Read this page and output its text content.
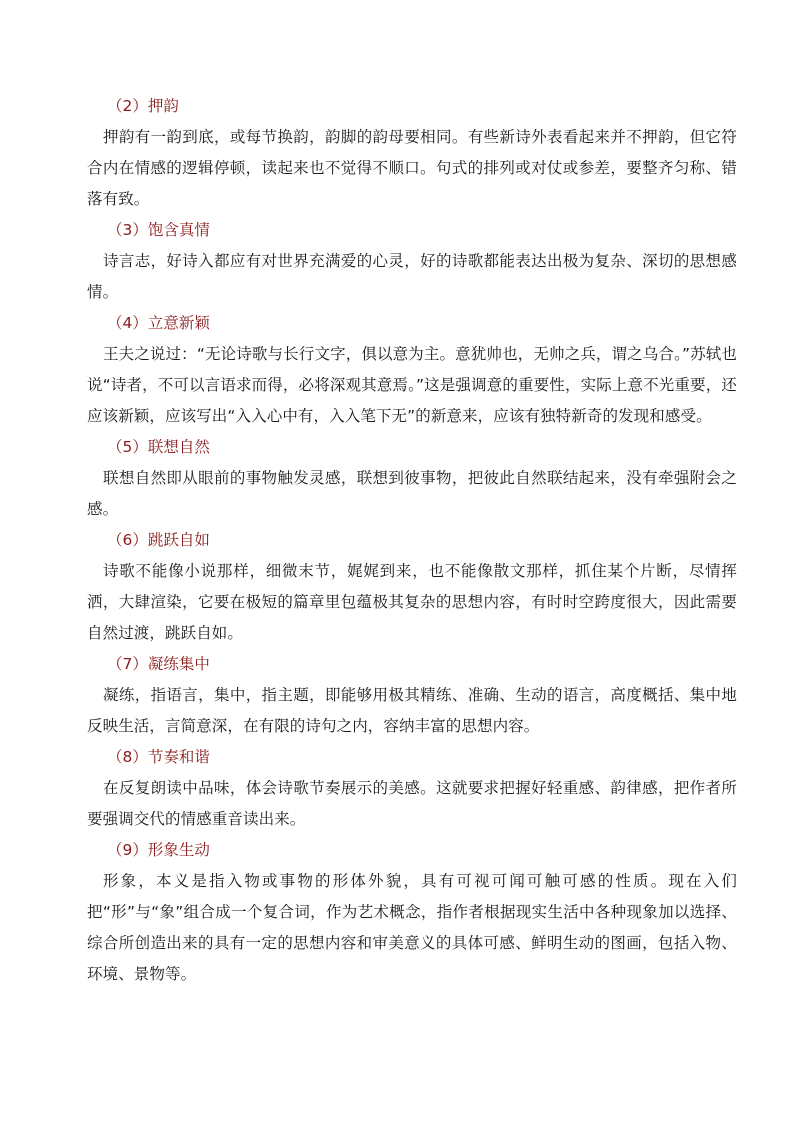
（2）押韵

押韵有一韵到底，或每节换韵，韵脚的韵母要相同。有些新诗外表看起来并不押韵，但它符合内在情感的逻辑停顿，读起来也不觉得不顺口。句式的排列或对仗或参差，要整齐匀称、错落有致。

（3）饱含真情

诗言志，好诗入都应有对世界充满爱的心灵，好的诗歌都能表达出极为复杂、深切的思想感情。

（4）立意新颖

王夫之说过：“无论诗歌与长行文字，俱以意为主。意犹帅也，无帅之兵，谓之乌合。”苏轼也说“诗者，不可以言语求而得，必将深观其意焉。”这是强调意的重要性，实际上意不光重要，还应该新颖，应该写出“入入心中有，入入笔下无”的新意来，应该有独特新奇的发现和感受。

（5）联想自然

联想自然即从眼前的事物触发灵感，联想到彼事物，把彼此自然联结起来，没有牵强附会之感。

（6）跳跃自如

诗歌不能像小说那样，细微末节，娓娓到来，也不能像散文那样，抓住某个片断，尽情挥洒，大肆渲染，它要在极短的篇章里包蕴极其复杂的思想内容，有时时空跨度很大，因此需要自然过渡，跳跃自如。

（7）凝练集中

凝练，指语言，集中，指主题，即能够用极其精练、准确、生动的语言，高度概括、集中地反映生活，言简意深，在有限的诗句之内，容纳丰富的思想内容。

（8）节奏和谐

在反复朗读中品味，体会诗歌节奏展示的美感。这就要求把握好轻重感、韵律感，把作者所要强调交代的情感重音读出来。

（9）形象生动

形象，本义是指入物或事物的形体外貌，具有可视可闻可触可感的性质。现在入们把“形”与“象”组合成一个复合词，作为艺术概念，指作者根据现实生活中各种现象加以选择、综合所创造出来的具有一定的思想内容和审美意义的具体可感、鲜明生动的图画，包括入物、环境、景物等。
